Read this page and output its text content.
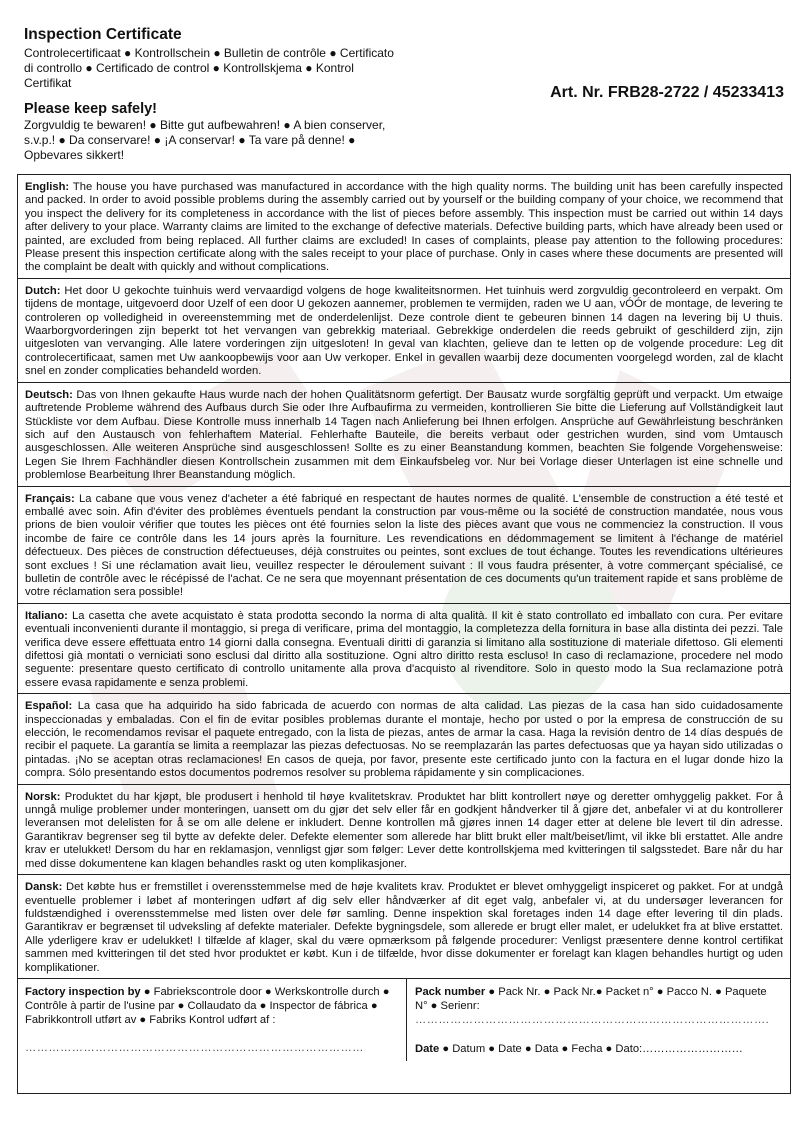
Inspection Certificate
Controlecertificaat ● Kontrollschein ● Bulletin de contrôle ● Certificato di controllo ● Certificado de control ● Kontrollskjema ● Kontrol Certifikat
Please keep safely!
Zorgvuldig te bewaren! ● Bitte gut aufbewahren! ● A bien conserver, s.v.p.! ● Da conservare! ● ¡A conservar! ● Ta vare på denne! ● Opbevares sikkert!
Art. Nr. FRB28-2722 / 45233413
English: The house you have purchased was manufactured in accordance with the high quality norms. The building unit has been carefully inspected and packed. In order to avoid possible problems during the assembly carried out by yourself or the building company of your choice, we recommend that you inspect the delivery for its completeness in accordance with the list of pieces before assembly. This inspection must be carried out within 14 days after delivery to your place. Warranty claims are limited to the exchange of defective materials. Defective building parts, which have already been used or painted, are excluded from being replaced. All further claims are excluded! In cases of complaints, please pay attention to the following procedures: Please present this inspection certificate along with the sales receipt to your place of purchase. Only in cases where these documents are presented will the complaint be dealt with quickly and without complications.
Dutch: Het door U gekochte tuinhuis werd vervaardigd volgens de hoge kwaliteitsnormen. Het tuinhuis werd zorgvuldig gecontroleerd en verpakt. Om tijdens de montage, uitgevoerd door Uzelf of een door U gekozen aannemer, problemen te vermijden, raden we U aan, vÓÓr de montage, de levering te controleren op volledigheid in overeenstemming met de onderdelenlijst. Deze controle dient te gebeuren binnen 14 dagen na levering bij U thuis. Waarborgvorderingen zijn beperkt tot het vervangen van gebrekkig materiaal. Gebrekkige onderdelen die reeds gebruikt of geschilderd zijn, zijn uitgesloten van vervanging. Alle latere vorderingen zijn uitgesloten! In geval van klachten, gelieve dan te letten op de volgende procedure: Leg dit controlecertificaat, samen met Uw aankoopbewijs voor aan Uw verkoper. Enkel in gevallen waarbij deze documenten voorgelegd worden, zal de klacht snel en zonder complicaties behandeld worden.
Deutsch: Das von Ihnen gekaufte Haus wurde nach der hohen Qualitätsnorm gefertigt. Der Bausatz wurde sorgfältig geprüft und verpackt. Um etwaige auftretende Probleme während des Aufbaus durch Sie oder Ihre Aufbaufirma zu vermeiden, kontrollieren Sie bitte die Lieferung auf Vollständigkeit laut Stückliste vor dem Aufbau. Diese Kontrolle muss innerhalb 14 Tagen nach Anlieferung bei Ihnen erfolgen. Ansprüche auf Gewährleistung beschränken sich auf den Austausch von fehlerhaftem Material. Fehlerhafte Bauteile, die bereits verbaut oder gestrichen wurden, sind vom Umtausch ausgeschlossen. Alle weiteren Ansprüche sind ausgeschlossen! Sollte es zu einer Beanstandung kommen, beachten Sie folgende Vorgehensweise: Legen Sie Ihrem Fachhändler diesen Kontrollschein zusammen mit dem Einkaufsbeleg vor. Nur bei Vorlage dieser Unterlagen ist eine schnelle und problemlose Bearbeitung Ihrer Beanstandung möglich.
Français: La cabane que vous venez d'acheter a été fabriqué en respectant de hautes normes de qualité. L'ensemble de construction a été testé et emballé avec soin. Afin d'éviter des problèmes éventuels pendant la construction par vous-même ou la société de construction mandatée, nous vous prions de bien vouloir vérifier que toutes les pièces ont été fournies selon la liste des pièces avant que vous ne commenciez la construction. Il vous incombe de faire ce contrôle dans les 14 jours après la fourniture. Les revendications en dédommagement se limitent à l'échange de matériel défectueux. Des pièces de construction défectueuses, déjà construites ou peintes, sont exclues de tout échange. Toutes les revendications ultérieures sont exclues ! Si une réclamation avait lieu, veuillez respecter le déroulement suivant : Il vous faudra présenter, à votre commerçant spécialisé, ce bulletin de contrôle avec le récépissé de l'achat. Ce ne sera que moyennant présentation de ces documents qu'un traitement rapide et sans problème de votre réclamation sera possible!
Italiano: La casetta che avete acquistato è stata prodotta secondo la norma di alta qualità. Il kit è stato controllato ed imballato con cura. Per evitare eventuali inconvenienti durante il montaggio, si prega di verificare, prima del montaggio, la completezza della fornitura in base alla distinta dei pezzi. Tale verifica deve essere effettuata entro 14 giorni dalla consegna. Eventuali diritti di garanzia si limitano alla sostituzione di materiale difettoso. Gli elementi difettosi già montati o verniciati sono esclusi dal diritto alla sostituzione. Ogni altro diritto resta escluso! In caso di reclamazione, procedere nel modo seguente: presentare questo certificato di controllo unitamente alla prova d'acquisto al rivenditore. Solo in questo modo la Sua reclamazione potrà essere evasa rapidamente e senza problemi.
Español: La casa que ha adquirido ha sido fabricada de acuerdo con normas de alta calidad. Las piezas de la casa han sido cuidadosamente inspeccionadas y embaladas. Con el fin de evitar posibles problemas durante el montaje, hecho por usted o por la empresa de construcción de su elección, le recomendamos revisar el paquete entregado, con la lista de piezas, antes de armar la casa. Haga la revisión dentro de 14 días después de recibir el paquete. La garantía se limita a reemplazar las piezas defectuosas. No se reemplazarán las partes defectuosas que ya hayan sido utilizadas o pintadas. ¡No se aceptan otras reclamaciones! En casos de queja, por favor, presente este certificado junto con la factura en el lugar donde hizo la compra. Sólo presentando estos documentos podremos resolver su problema rápidamente y sin complicaciones.
Norsk: Produktet du har kjøpt, ble produsert i henhold til høye kvalitetskrav. Produktet har blitt kontrollert nøye og deretter omhyggelig pakket. For å unngå mulige problemer under monteringen, uansett om du gjør det selv eller får en godkjent håndverker til å gjøre det, anbefaler vi at du kontrollerer leveransen mot delelisten for å se om alle delene er inkludert. Denne kontrollen må gjøres innen 14 dager etter at delene ble levert til din adresse. Garantikrav begrenser seg til bytte av defekte deler. Defekte elementer som allerede har blitt brukt eller malt/beiset/limt, vil ikke bli erstattet. Alle andre krav er utelukket! Dersom du har en reklamasjon, vennligst gjør som følger: Lever dette kontrollskjema med kvitteringen til salgsstedet. Bare når du har med disse dokumentene kan klagen behandles raskt og uten komplikasjoner.
Dansk: Det købte hus er fremstillet i overensstemmelse med de høje kvalitets krav. Produktet er blevet omhyggeligt inspiceret og pakket. For at undgå eventuelle problemer i løbet af monteringen udført af dig selv eller håndværker af dit eget valg, anbefaler vi, at du undersøger leverancen for fuldstændighed i overensstemmelse med listen over dele før samling. Denne inspektion skal foretages inden 14 dage efter levering til din plads. Garantikrav er begrænset til udveksling af defekte materialer. Defekte bygningsdele, som allerede er brugt eller malet, er udelukket fra at blive erstattet. Alle yderligere krav er udelukket! I tilfælde af klager, skal du være opmærksom på følgende procedurer: Venligst præsentere denne kontrol certifikat sammen med kvitteringen til det sted hvor produktet er købt. Kun i de tilfælde, hvor disse dokumenter er forelagt kan klagen behandles hurtigt og uden komplikationer.
Factory inspection by ● Fabriekscontrole door ● Werkskontrolle durch ● Contrôle à partir de l'usine par ● Collaudato da ● Inspector de fábrica ● Fabrikkontroll utført av ● Fabriks Kontrol udført af :
……………………………………………………………………………
Pack number ● Pack Nr. ● Pack Nr.● Packet n° ● Pacco N. ● Paquete N° ● Serienr:
……………………………………………………………………………….
Date ● Datum ● Date ● Data ● Fecha ● Dato:………………………
